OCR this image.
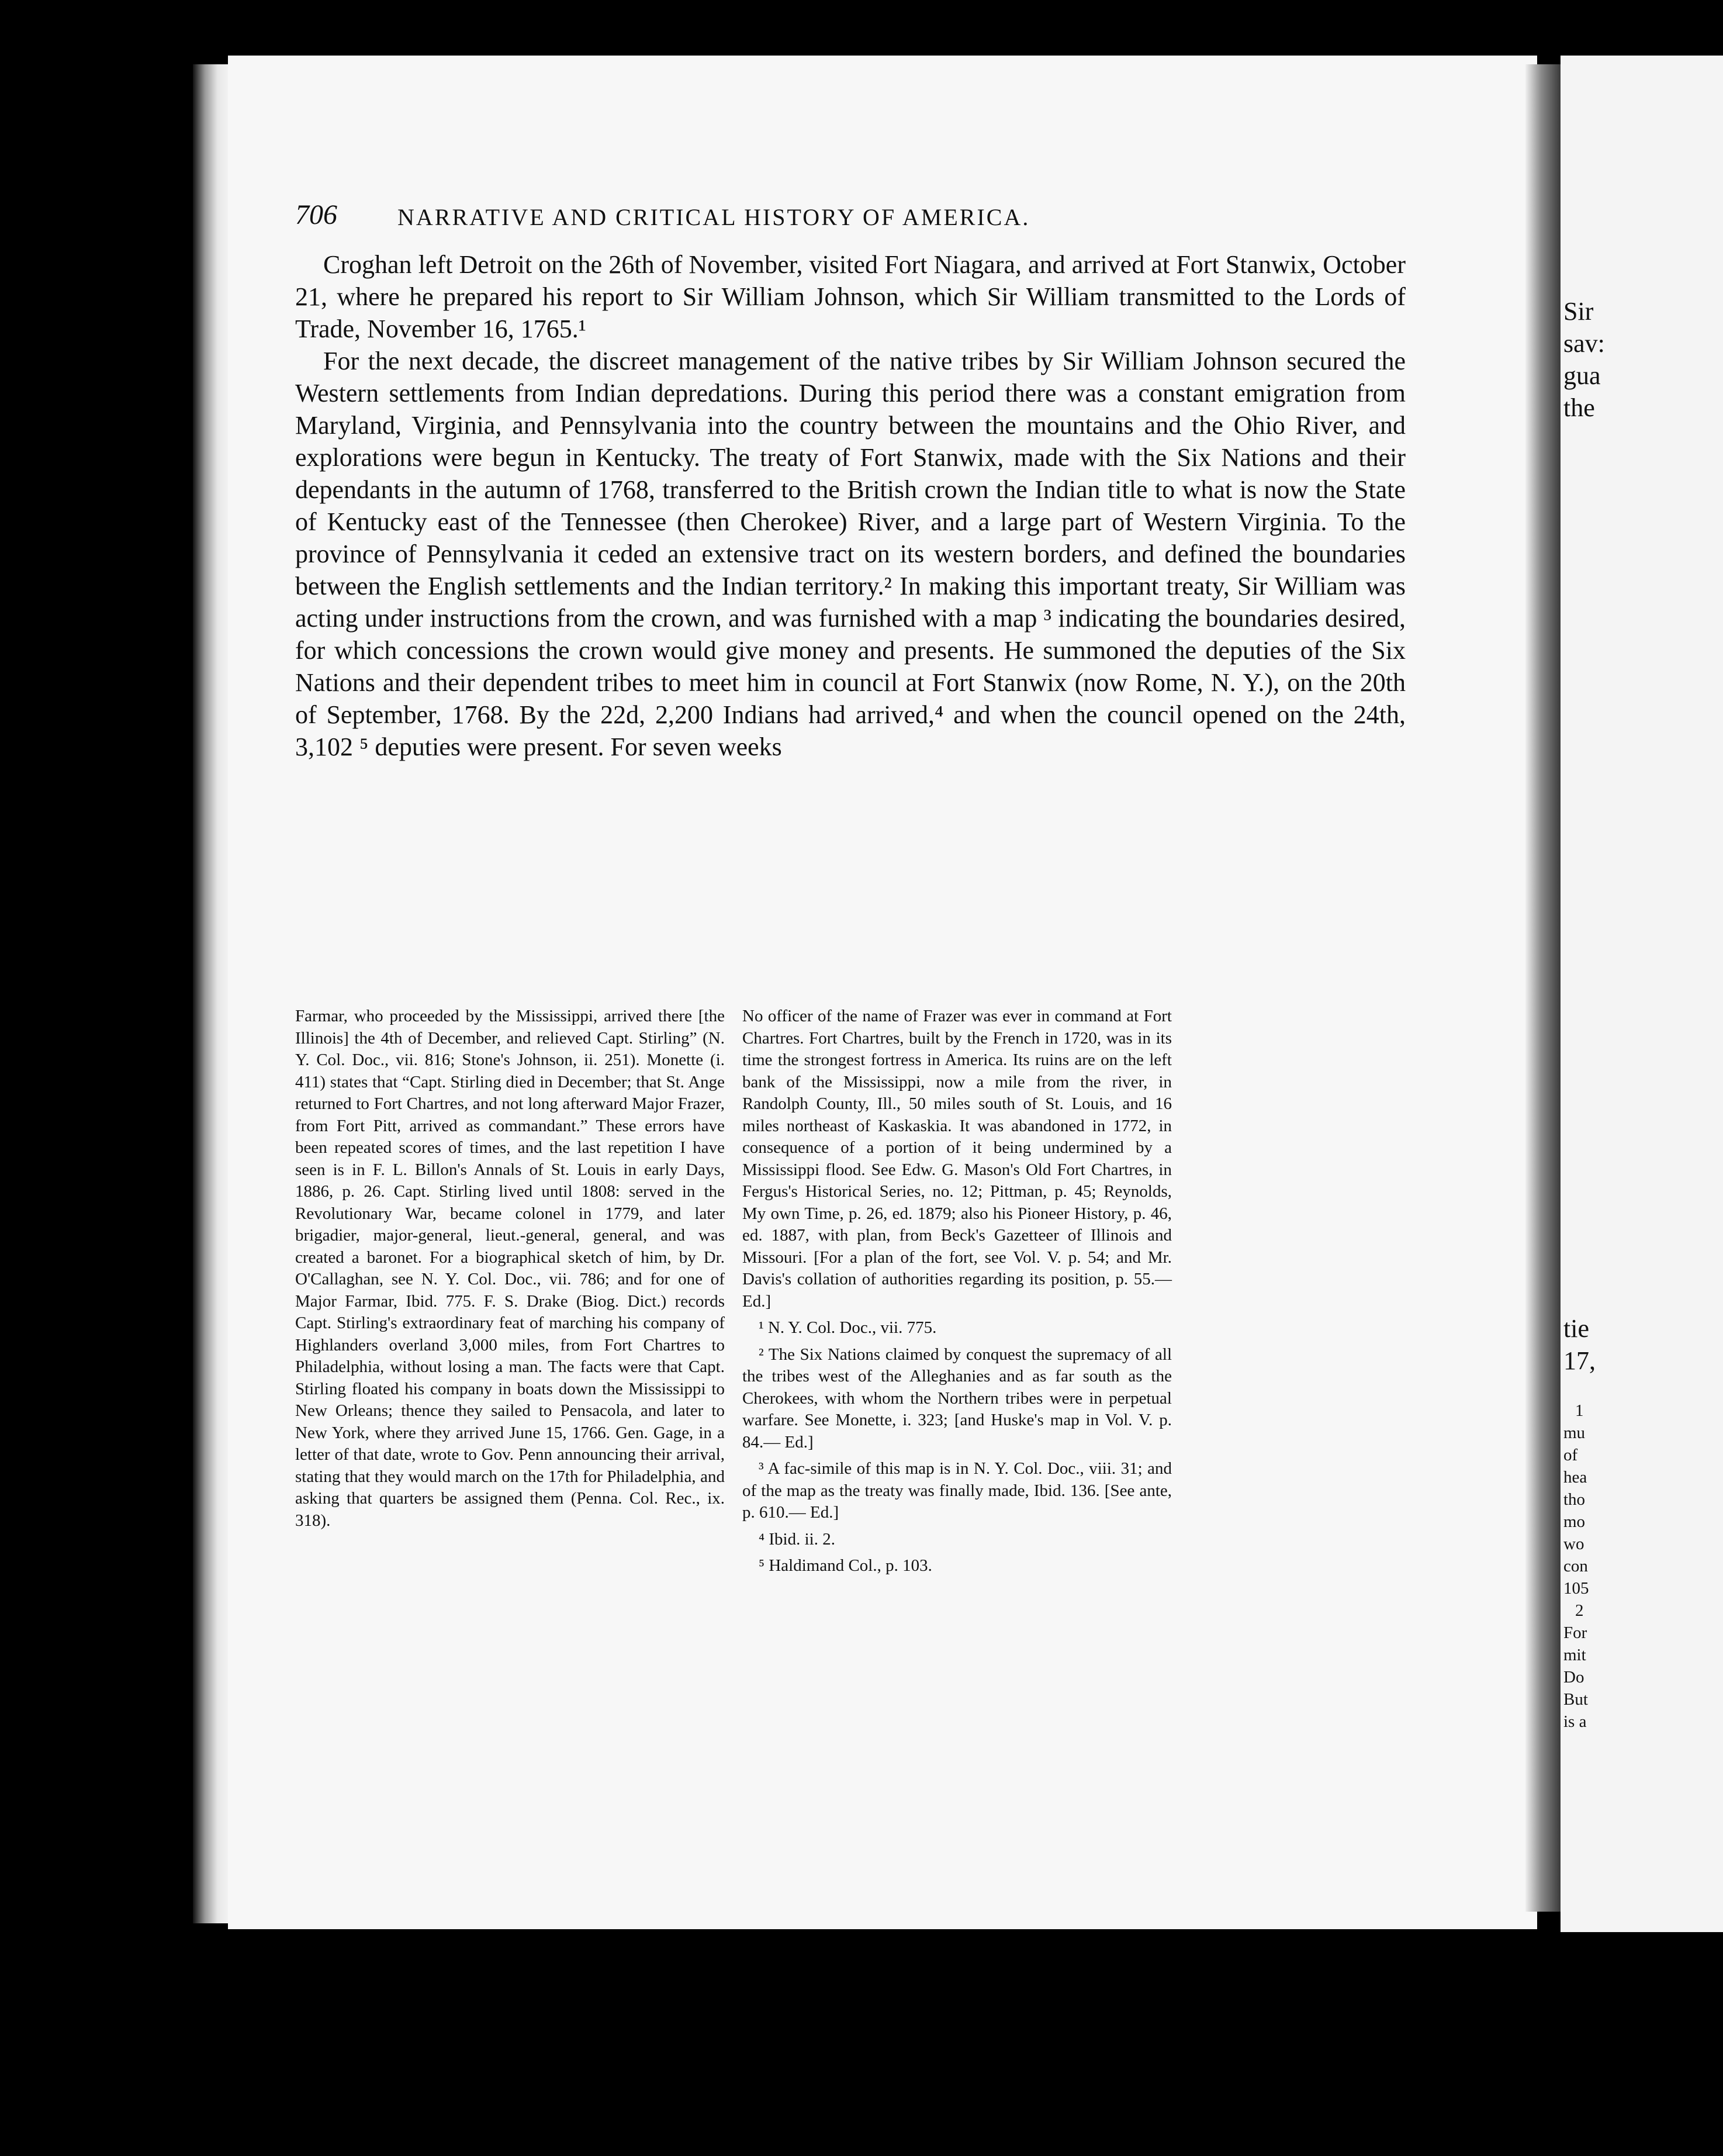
Sir
sav:
gua
the
tie
17,
1
mu
of
hea
tho
mo
wo
con
105
2
For
mit
Do
But
is a
706	NARRATIVE AND CRITICAL HISTORY OF AMERICA.

Croghan left Detroit on the 26th of November, visited Fort Niagara, and arrived at Fort Stanwix, October 21, where he prepared his report to Sir William Johnson, which Sir William transmitted to the Lords of Trade, November 16, 1765.¹

For the next decade, the discreet management of the native tribes by Sir William Johnson secured the Western settlements from Indian depredations. During this period there was a constant emigration from Maryland, Virginia, and Pennsylvania into the country between the mountains and the Ohio River, and explorations were begun in Kentucky. The treaty of Fort Stanwix, made with the Six Nations and their dependants in the autumn of 1768, transferred to the British crown the Indian title to what is now the State of Kentucky east of the Tennessee (then Cherokee) River, and a large part of Western Virginia. To the province of Pennsylvania it ceded an extensive tract on its western borders, and defined the boundaries between the English settlements and the Indian territory.² In making this important treaty, Sir William was acting under instructions from the crown, and was furnished with a map ³ indicating the boundaries desired, for which concessions the crown would give money and presents. He summoned the deputies of the Six Nations and their dependent tribes to meet him in council at Fort Stanwix (now Rome, N. Y.), on the 20th of September, 1768. By the 22d, 2,200 Indians had arrived,⁴ and when the council opened on the 24th, 3,102 ⁵ deputies were present. For seven weeks

Farmar, who proceeded by the Mississippi, arrived there [the Illinois] the 4th of December, and relieved Capt. Stirling” (N. Y. Col. Doc., vii. 816; Stone's Johnson, ii. 251). Monette (i. 411) states that “Capt. Stirling died in December; that St. Ange returned to Fort Chartres, and not long afterward Major Frazer, from Fort Pitt, arrived as commandant.” These errors have been repeated scores of times, and the last repetition I have seen is in F. L. Billon's Annals of St. Louis in early Days, 1886, p. 26. Capt. Stirling lived until 1808: served in the Revolutionary War, became colonel in 1779, and later brigadier, major-general, lieut.-general, general, and was created a baronet. For a biographical sketch of him, by Dr. O'Callaghan, see N. Y. Col. Doc., vii. 786; and for one of Major Farmar, Ibid. 775. F. S. Drake (Biog. Dict.) records Capt. Stirling's extraordinary feat of marching his company of Highlanders overland 3,000 miles, from Fort Chartres to Philadelphia, without losing a man. The facts were that Capt. Stirling floated his company in boats down the Mississippi to New Orleans; thence they sailed to Pensacola, and later to New York, where they arrived June 15, 1766. Gen. Gage, in a letter of that date, wrote to Gov. Penn announcing their arrival, stating that they would march on the 17th for Philadelphia, and asking that quarters be assigned them (Penna. Col. Rec., ix. 318).

No officer of the name of Frazer was ever in command at Fort Chartres. Fort Chartres, built by the French in 1720, was in its time the strongest fortress in America. Its ruins are on the left bank of the Mississippi, now a mile from the river, in Randolph County, Ill., 50 miles south of St. Louis, and 16 miles northeast of Kaskaskia. It was abandoned in 1772, in consequence of a portion of it being undermined by a Mississippi flood. See Edw. G. Mason's Old Fort Chartres, in Fergus's Historical Series, no. 12; Pittman, p. 45; Reynolds, My own Time, p. 26, ed. 1879; also his Pioneer History, p. 46, ed. 1887, with plan, from Beck's Gazetteer of Illinois and Missouri. [For a plan of the fort, see Vol. V. p. 54; and Mr. Davis's collation of authorities regarding its position, p. 55.— Ed.]

¹ N. Y. Col. Doc., vii. 775.

² The Six Nations claimed by conquest the supremacy of all the tribes west of the Alleghanies and as far south as the Cherokees, with whom the Northern tribes were in perpetual warfare. See Monette, i. 323; [and Huske's map in Vol. V. p. 84.— Ed.]

³ A fac-simile of this map is in N. Y. Col. Doc., viii. 31; and of the map as the treaty was finally made, Ibid. 136. [See ante, p. 610.— Ed.]

⁴ Ibid. ii. 2.

⁵ Haldimand Col., p. 103.
